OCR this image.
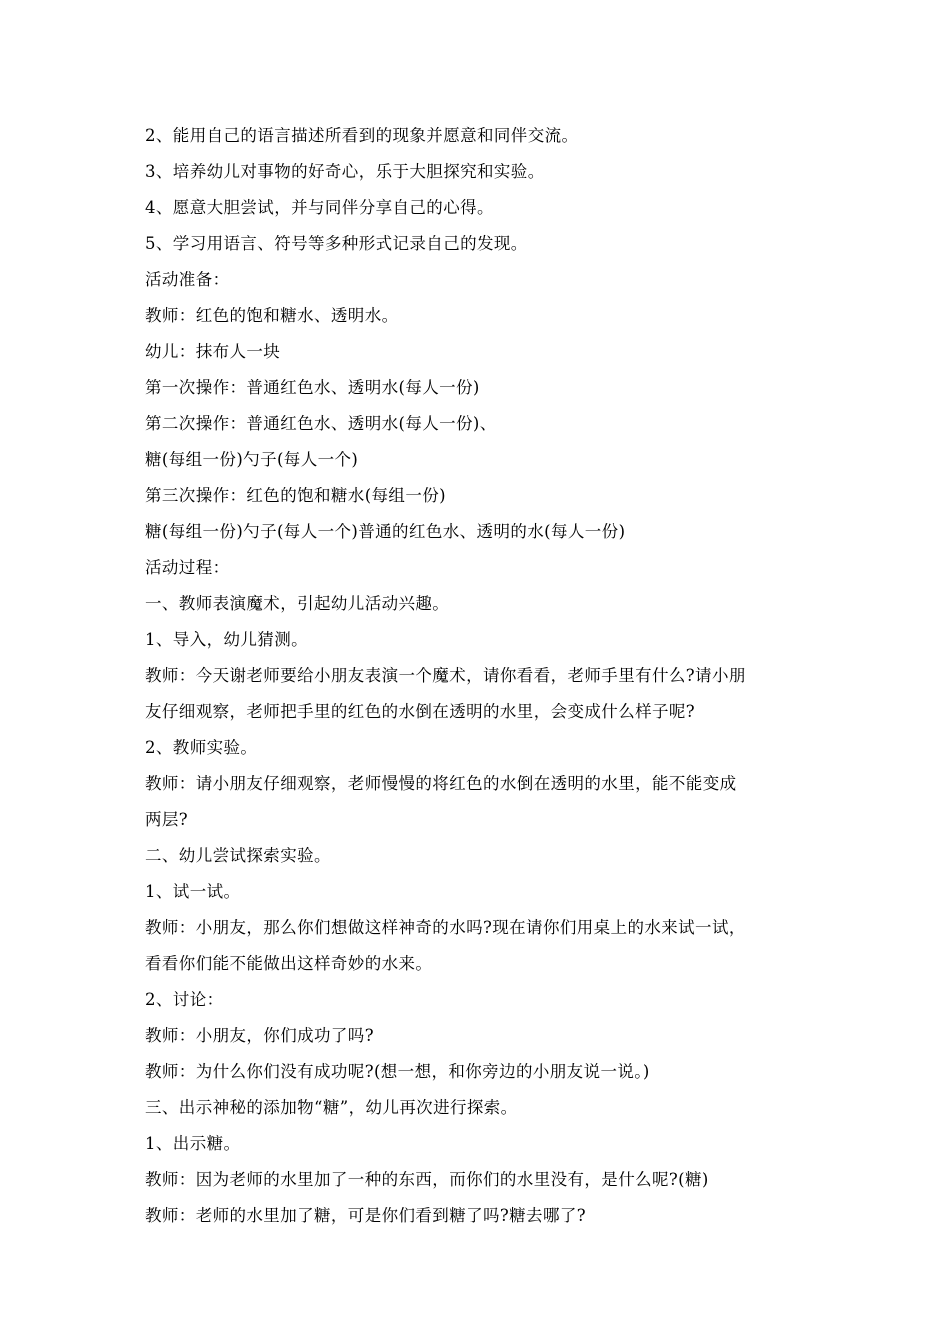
2、能用自己的语言描述所看到的现象并愿意和同伴交流。
3、培养幼儿对事物的好奇心，乐于大胆探究和实验。
4、愿意大胆尝试，并与同伴分享自己的心得。
5、学习用语言、符号等多种形式记录自己的发现。
活动准备：
教师：红色的饱和糖水、透明水。
幼儿：抹布人一块
第一次操作：普通红色水、透明水(每人一份)
第二次操作：普通红色水、透明水(每人一份)、
糖(每组一份)勺子(每人一个)
第三次操作：红色的饱和糖水(每组一份)
糖(每组一份)勺子(每人一个)普通的红色水、透明的水(每人一份)
活动过程：
一、教师表演魔术，引起幼儿活动兴趣。
1、导入，幼儿猜测。
教师：今天谢老师要给小朋友表演一个魔术，请你看看，老师手里有什么?请小朋
友仔细观察，老师把手里的红色的水倒在透明的水里，会变成什么样子呢?
2、教师实验。
教师：请小朋友仔细观察，老师慢慢的将红色的水倒在透明的水里，能不能变成
两层?
二、幼儿尝试探索实验。
1、试一试。
教师：小朋友，那么你们想做这样神奇的水吗?现在请你们用桌上的水来试一试，
看看你们能不能做出这样奇妙的水来。
2、讨论：
教师：小朋友，你们成功了吗?
教师：为什么你们没有成功呢?(想一想，和你旁边的小朋友说一说。)
三、出示神秘的添加物“糖”，幼儿再次进行探索。
1、出示糖。
教师：因为老师的水里加了一种的东西，而你们的水里没有，是什么呢?(糖)
教师：老师的水里加了糖，可是你们看到糖了吗?糖去哪了?
